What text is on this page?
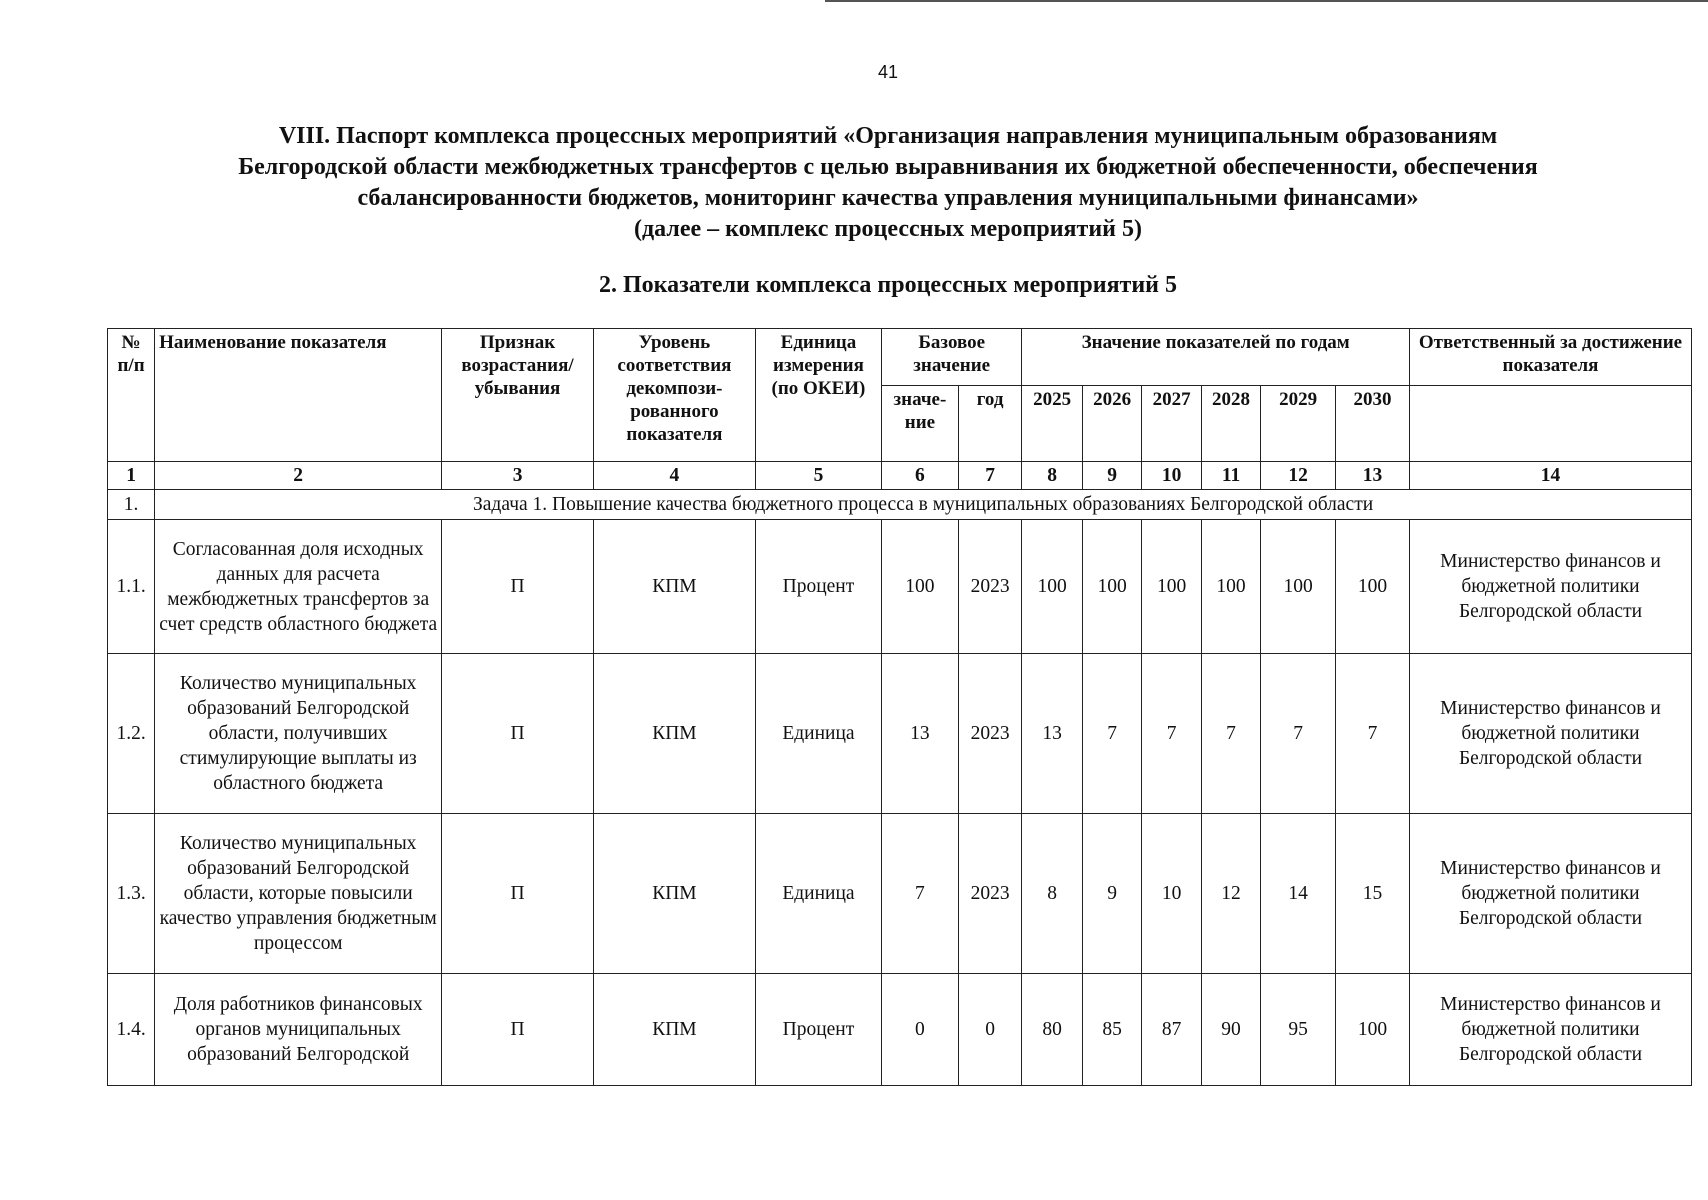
41
VIII. Паспорт комплекса процессных мероприятий «Организация направления муниципальным образованиям
Белгородской области межбюджетных трансфертов с целью выравнивания их бюджетной обеспеченности, обеспечения
сбалансированности бюджетов, мониторинг качества управления муниципальными финансами»
(далее – комплекс процессных мероприятий 5)
2. Показатели комплекса процессных мероприятий 5
№ п/п	Наименование показателя	Признак возрастания/ убывания	Уровень соответствия декомпози-рованного показателя	Единица измерения (по ОКЕИ)	Базовое значение		Значение показателей по годам						Ответственный за достижение показателя
					значе-ние	год	2025	2026	2027	2028	2029	2030	
1	2	3	4	5	6	7	8	9	10	11	12	13	14
1.	Задача 1. Повышение качества бюджетного процесса в муниципальных образованиях Белгородской области												
1.1.	Согласованная доля исходных данных для расчета межбюджетных трансфертов за счет средств областного бюджета	П	КПМ	Процент	100	2023	100	100	100	100	100	100	Министерство финансов и бюджетной политики Белгородской области
1.2.	Количество муниципальных образований Белгородской области, получивших стимулирующие выплаты из областного бюджета	П	КПМ	Единица	13	2023	13	7	7	7	7	7	Министерство финансов и бюджетной политики Белгородской области
1.3.	Количество муниципальных образований Белгородской области, которые повысили качество управления бюджетным процессом	П	КПМ	Единица	7	2023	8	9	10	12	14	15	Министерство финансов и бюджетной политики Белгородской области
1.4.	Доля работников финансовых органов муниципальных образований Белгородской	П	КПМ	Процент	0	0	80	85	87	90	95	100	Министерство финансов и бюджетной политики Белгородской области
